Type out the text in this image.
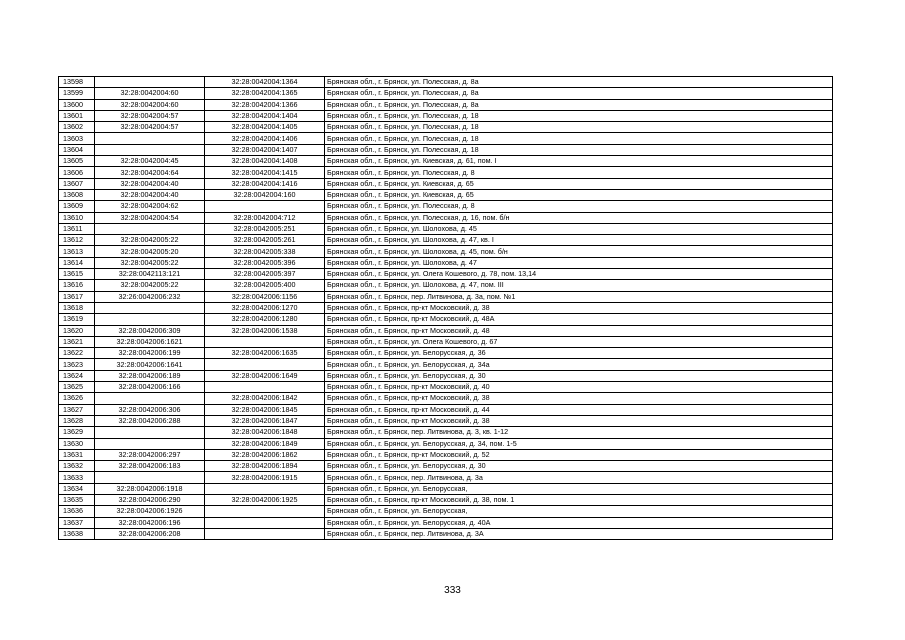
13598		32:28:0042004:1364	Брянская обл., г. Брянск, ул. Полесская, д. 8а
13599	32:28:0042004:60	32:28:0042004:1365	Брянская обл., г. Брянск, ул. Полесская, д. 8а
13600	32:28:0042004:60	32:28:0042004:1366	Брянская обл., г. Брянск, ул. Полесская, д. 8а
13601	32:28:0042004:57	32:28:0042004:1404	Брянская обл., г. Брянск, ул. Полесская, д. 18
13602	32:28:0042004:57	32:28:0042004:1405	Брянская обл., г. Брянск, ул. Полесская, д. 18
13603		32:28:0042004:1406	Брянская обл., г. Брянск, ул. Полесская, д. 18
13604		32:28:0042004:1407	Брянская обл., г. Брянск, ул. Полесская, д. 18
13605	32:28:0042004:45	32:28:0042004:1408	Брянская обл., г. Брянск, ул. Киевская, д. 61, пом. I
13606	32:28:0042004:64	32:28:0042004:1415	Брянская обл., г. Брянск, ул. Полесская, д. 8
13607	32:28:0042004:40	32:28:0042004:1416	Брянская обл., г. Брянск, ул. Киевская, д. 65
13608	32:28:0042004:40	32:28:0042004:160	Брянская обл., г. Брянск, ул. Киевская, д. 65
13609	32:28:0042004:62		Брянская обл., г. Брянск, ул. Полесская, д. 8
13610	32:28:0042004:54	32:28:0042004:712	Брянская обл., г. Брянск, ул. Полесская, д. 16, пом. б/н
13611		32:28:0042005:251	Брянская обл., г. Брянск, ул. Шолохова, д. 45
13612	32:28:0042005:22	32:28:0042005:261	Брянская обл., г. Брянск, ул. Шолохова, д. 47, кв. I
13613	32:28:0042005:20	32:28:0042005:338	Брянская обл., г. Брянск, ул. Шолохова, д. 45, пом. б/н
13614	32:28:0042005:22	32:28:0042005:396	Брянская обл., г. Брянск, ул. Шолохова, д. 47
13615	32:28:0042113:121	32:28:0042005:397	Брянская обл., г. Брянск, ул. Олега Кошевого, д. 78, пом. 13,14
13616	32:28:0042005:22	32:28:0042005:400	Брянская обл., г. Брянск, ул. Шолохова, д. 47, пом. III
13617	32:26:0042006:232	32:28:0042006:1156	Брянская обл., г. Брянск, пер. Литвинова, д. 3а, пом. №1
13618		32:28:0042006:1270	Брянская обл., г. Брянск, пр-кт Московский, д. 38
13619		32:28:0042006:1280	Брянская обл., г. Брянск, пр-кт Московский, д. 48А
13620	32:28:0042006:309	32:28:0042006:1538	Брянская обл., г. Брянск, пр-кт Московский, д. 48
13621	32:28:0042006:1621		Брянская обл., г. Брянск, ул. Олега Кошевого, д. 67
13622	32:28:0042006:199	32:28:0042006:1635	Брянская обл., г. Брянск, ул. Белорусская, д. 36
13623	32:28:0042006:1641		Брянская обл., г. Брянск, ул. Белорусская, д. 34а
13624	32:28:0042006:189	32:28:0042006:1649	Брянская обл., г. Брянск, ул. Белорусская, д. 30
13625	32:28:0042006:166		Брянская обл., г. Брянск, пр-кт Московский, д. 40
13626		32:28:0042006:1842	Брянская обл., г. Брянск, пр-кт Московский, д. 38
13627	32:28:0042006:306	32:28:0042006:1845	Брянская обл., г. Брянск, пр-кт Московский, д. 44
13628	32:28:0042006:288	32:28:0042006:1847	Брянская обл., г. Брянск, пр-кт Московский, д. 38
13629		32:28:0042006:1848	Брянская обл., г. Брянск, пер. Литвинова, д. 3, кв. 1-12
13630		32:28:0042006:1849	Брянская обл., г. Брянск, ул. Белорусская, д. 34, пом. 1-5
13631	32:28:0042006:297	32:28:0042006:1862	Брянская обл., г. Брянск, пр-кт Московский, д. 52
13632	32:28:0042006:183	32:28:0042006:1894	Брянская обл., г. Брянск, ул. Белорусская, д. 30
13633		32:28:0042006:1915	Брянская обл., г. Брянск, пер. Литвинова, д. 3а
13634	32:28:0042006:1918		Брянская обл., г. Брянск, ул. Белорусская,
13635	32:28:0042006:290	32:28:0042006:1925	Брянская обл., г. Брянск, пр-кт Московский, д. 38, пом. 1
13636	32:28:0042006:1926		Брянская обл., г. Брянск, ул. Белорусская,
13637	32:28:0042006:196		Брянская обл., г. Брянск, ул. Белорусская, д. 40А
13638	32:28:0042006:208		Брянская обл., г. Брянск, пер. Литвинова, д. 3А
333
